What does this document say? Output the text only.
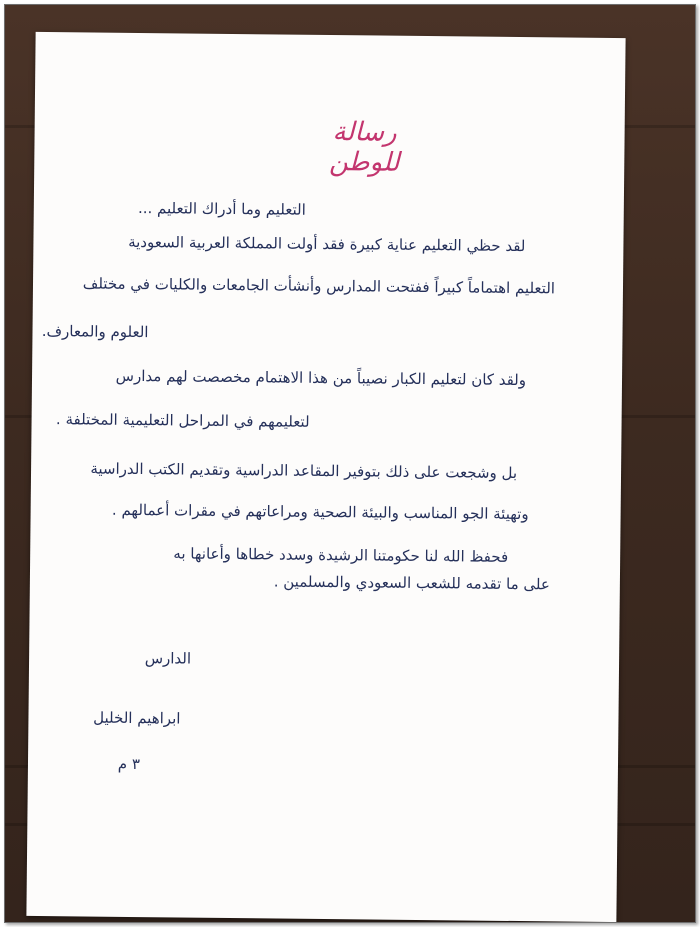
رسالة للوطن
التعليم وما أدراك التعليم ...
لقد حظي التعليم عناية كبيرة فقد أولت المملكة العربية السعودية
التعليم اهتماماً كبيراً ففتحت المدارس وأنشأت الجامعات والكليات في مختلف
العلوم والمعارف.
ولقد كان لتعليم الكبار نصيباً من هذا الاهتمام مخصصت لهم مدارس
لتعليمهم في المراحل التعليمية المختلفة .
بل وشجعت على ذلك بتوفير المقاعد الدراسية وتقديم الكتب الدراسية
وتهيئة الجو المناسب والبيئة الصحية ومراعاتهم في مقرات أعمالهم .
فحفظ الله لنا حكومتنا الرشيدة وسدد خطاها وأعانها به
على ما تقدمه للشعب السعودي والمسلمين .
الدارس
ابراهيم الخليل
٣ م
